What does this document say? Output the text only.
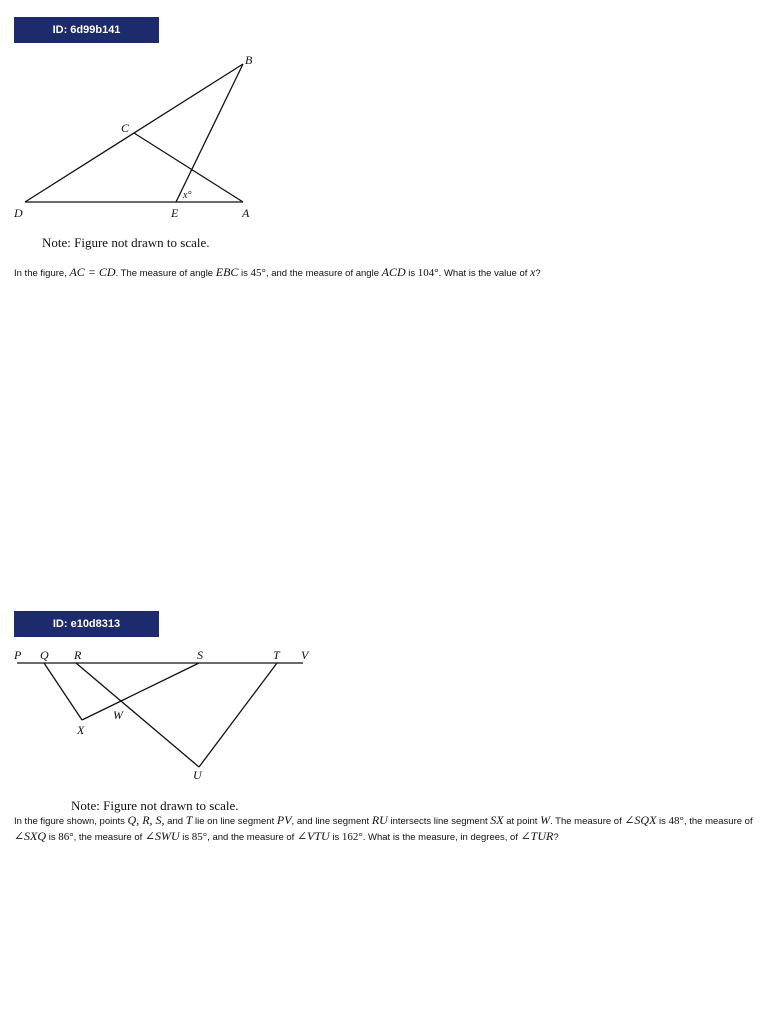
ID: 6d99b141
B
C
D	E	A
x°
Note: Figure not drawn to scale.
In the figure, AC = CD. The measure of angle EBC is 45°, and the measure of angle ACD is 104°. What is the value of x?
ID: e10d8313
P Q R	S	T V
W
X
U
Note: Figure not drawn to scale.
In the figure shown, points Q, R, S, and T lie on line segment PV, and line segment RU intersects line segment SX at point W. The measure of ∠SQX is 48°, the measure of ∠SXQ is 86°, the measure of ∠SWU is 85°, and the measure of ∠VTU is 162°. What is the measure, in degrees, of ∠TUR?
